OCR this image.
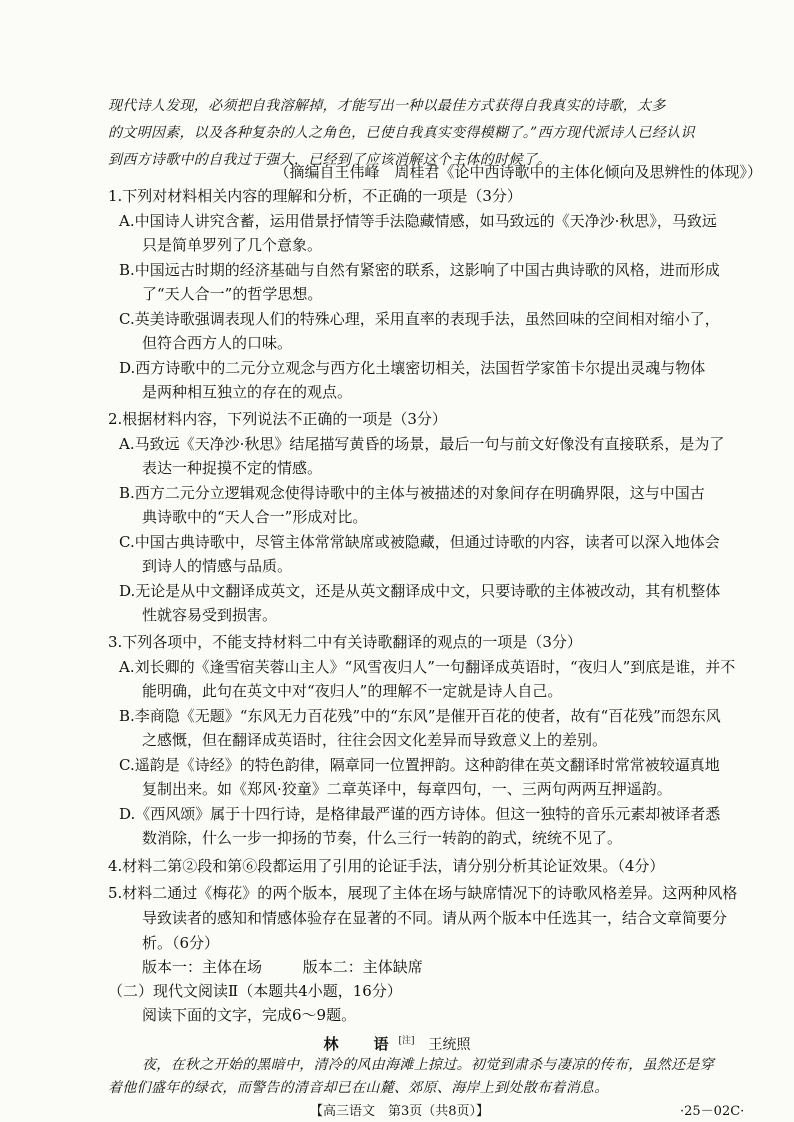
现代诗人发现，必须把自我溶解掉，才能写出一种以最佳方式获得自我真实的诗歌，太多
的文明因素，以及各种复杂的人之角色，已使自我真实变得模糊了。”西方现代派诗人已经认识
到西方诗歌中的自我过于强大，已经到了应该消解这个主体的时候了。
（摘编自王伟峰　周桂君《论中西诗歌中的主体化倾向及思辨性的体现》）
1.下列对材料相关内容的理解和分析，不正确的一项是（3分）
A.中国诗人讲究含蓄，运用借景抒情等手法隐藏情感，如马致远的《天净沙·秋思》，马致远
只是简单罗列了几个意象。
B.中国远古时期的经济基础与自然有紧密的联系，这影响了中国古典诗歌的风格，进而形成
了“天人合一”的哲学思想。
C.英美诗歌强调表现人们的特殊心理，采用直率的表现手法，虽然回味的空间相对缩小了，
但符合西方人的口味。
D.西方诗歌中的二元分立观念与西方化土壤密切相关，法国哲学家笛卡尔提出灵魂与物体
是两种相互独立的存在的观点。
2.根据材料内容，下列说法不正确的一项是（3分）
A.马致远《天净沙·秋思》结尾描写黄昏的场景，最后一句与前文好像没有直接联系，是为了
表达一种捉摸不定的情感。
B.西方二元分立逻辑观念使得诗歌中的主体与被描述的对象间存在明确界限，这与中国古
典诗歌中的“天人合一”形成对比。
C.中国古典诗歌中，尽管主体常常缺席或被隐藏，但通过诗歌的内容，读者可以深入地体会
到诗人的情感与品质。
D.无论是从中文翻译成英文，还是从英文翻译成中文，只要诗歌的主体被改动，其有机整体
性就容易受到损害。
3.下列各项中，不能支持材料二中有关诗歌翻译的观点的一项是（3分）
A.刘长卿的《逢雪宿芙蓉山主人》“风雪夜归人”一句翻译成英语时，“夜归人”到底是谁，并不
能明确，此句在英文中对“夜归人”的理解不一定就是诗人自己。
B.李商隐《无题》“东风无力百花残”中的“东风”是催开百花的使者，故有“百花残”而怨东风
之感慨，但在翻译成英语时，往往会因文化差异而导致意义上的差别。
C.遥韵是《诗经》的特色韵律，隔章同一位置押韵。这种韵律在英文翻译时常常被较逼真地
复制出来。如《郑风·狡童》二章英译中，每章四句，一、三两句两两互押遥韵。
D.《西风颂》属于十四行诗，是格律最严谨的西方诗体。但这一独特的音乐元素却被译者悉
数消除，什么一步一抑扬的节奏，什么三行一转韵的韵式，统统不见了。
4.材料二第②段和第⑥段都运用了引用的论证手法，请分别分析其论证效果。（4分）
5.材料二通过《梅花》的两个版本，展现了主体在场与缺席情况下的诗歌风格差异。这两种风格
导致读者的感知和情感体验存在显著的不同。请从两个版本中任选其一，结合文章简要分
析。（6分）
版本一：主体在场	版本二：主体缺席
（二）现代文阅读Ⅱ（本题共4小题，16分）
阅读下面的文字，完成6～9题。
林　语[注] 王统照
夜，在秋之开始的黑暗中，清冷的风由海滩上掠过。初觉到肃杀与凄凉的传布，虽然还是穿
着他们盛年的绿衣，而警告的清音却已在山麓、郊原、海岸上到处散布着消息。
【高三语文　第3页（共8页）】	·25－02C·
